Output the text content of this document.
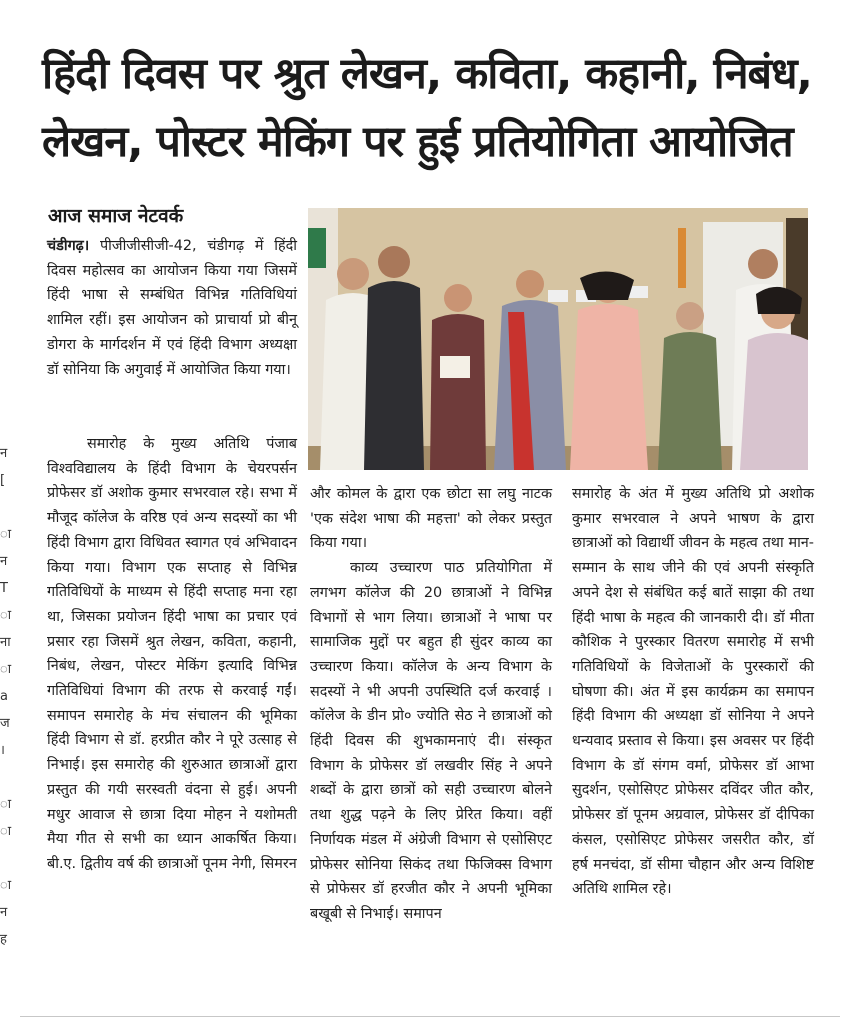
हिंदी दिवस पर श्रुत लेखन, कविता, कहानी, निबंध,
लेखन, पोस्टर मेकिंग पर हुई प्रतियोगिता आयोजित
न
[
ा
न
T
ा
ना
ा
a
ज
।
ा
ा
ा
न
ह
आज समाज नेटवर्क

चंडीगढ़। पीजीजीसीजी-42, चंडीगढ़ में हिंदी दिवस महोत्सव का आयोजन किया गया जिसमें हिंदी भाषा से सम्बंधित विभिन्न गतिविधियां शामिल रहीं। इस आयोजन को प्राचार्या प्रो बीनू डोगरा के मार्गदर्शन में एवं हिंदी विभाग अध्यक्षा डॉ सोनिया कि अगुवाई में आयोजित किया गया।

समारोह के मुख्य अतिथि पंजाब विश्वविद्यालय के हिंदी विभाग के चेयरपर्सन प्रोफेसर डॉ अशोक कुमार सभरवाल रहे। सभा में मौजूद कॉलेज के वरिष्ठ एवं अन्य सदस्यों का भी हिंदी विभाग द्वारा विधिवत स्वागत एवं अभिवादन किया गया। विभाग एक सप्ताह से विभिन्न गतिविधियों के माध्यम से हिंदी सप्ताह मना रहा था, जिसका प्रयोजन हिंदी भाषा का प्रचार एवं प्रसार रहा जिसमें श्रुत लेखन, कविता, कहानी, निबंध, लेखन, पोस्टर मेकिंग इत्यादि विभिन्न गतिविधियां विभाग की तरफ से करवाई गईं। समापन समारोह के मंच संचालन की भूमिका हिंदी विभाग से डॉ. हरप्रीत कौर ने पूरे उत्साह से निभाई। इस समारोह की शुरुआत छात्राओं द्वारा प्रस्तुत की गयी सरस्वती वंदना से हुई। अपनी मधुर आवाज से छात्रा दिया मोहन ने यशोमती मैया गीत से सभी का ध्यान आकर्षित किया। बी.ए. द्वितीय वर्ष की छात्राओं पूनम नेगी, सिमरन

और कोमल के द्वारा एक छोटा सा लघु नाटक 'एक संदेश भाषा की महत्ता' को लेकर प्रस्तुत किया गया।

काव्य उच्चारण पाठ प्रतियोगिता में लगभग कॉलेज की 20 छात्राओं ने विभिन्न विभागों से भाग लिया। छात्राओं ने भाषा पर सामाजिक मुद्दों पर बहुत ही सुंदर काव्य का उच्चारण किया। कॉलेज के अन्य विभाग के सदस्यों ने भी अपनी उपस्थिति दर्ज करवाई । कॉलेज के डीन प्रो० ज्योति सेठ ने छात्राओं को हिंदी दिवस की शुभकामनाएं दी। संस्कृत विभाग के प्रोफेसर डॉ लखवीर सिंह ने अपने शब्दों के द्वारा छात्रों को सही उच्चारण बोलने तथा शुद्ध पढ़ने के लिए प्रेरित किया। वहीं निर्णायक मंडल में अंग्रेजी विभाग से एसोसिएट प्रोफेसर सोनिया सिकंद तथा फिजिक्स विभाग से प्रोफेसर डॉ हरजीत कौर ने अपनी भूमिका बखूबी से निभाई। समापन

समारोह के अंत में मुख्य अतिथि प्रो अशोक कुमार सभरवाल ने अपने भाषण के द्वारा छात्राओं को विद्यार्थी जीवन के महत्व तथा मान-सम्मान के साथ जीने की एवं अपनी संस्कृति अपने देश से संबंधित कई बातें साझा की तथा हिंदी भाषा के महत्व की जानकारी दी। डॉ मीता कौशिक ने पुरस्कार वितरण समारोह में सभी गतिविधियों के विजेताओं के पुरस्कारों की घोषणा की। अंत में इस कार्यक्रम का समापन हिंदी विभाग की अध्यक्षा डॉ सोनिया ने अपने धन्यवाद प्रस्ताव से किया। इस अवसर पर हिंदी विभाग के डॉ संगम वर्मा, प्रोफेसर डॉ आभा सुदर्शन, एसोसिएट प्रोफेसर दविंदर जीत कौर, प्रोफेसर डॉ पूनम अग्रवाल, प्रोफेसर डॉ दीपिका कंसल, एसोसिएट प्रोफेसर जसरीत कौर, डॉ हर्ष मनचंदा, डॉ सीमा चौहान और अन्य विशिष्ट अतिथि शामिल रहे।
